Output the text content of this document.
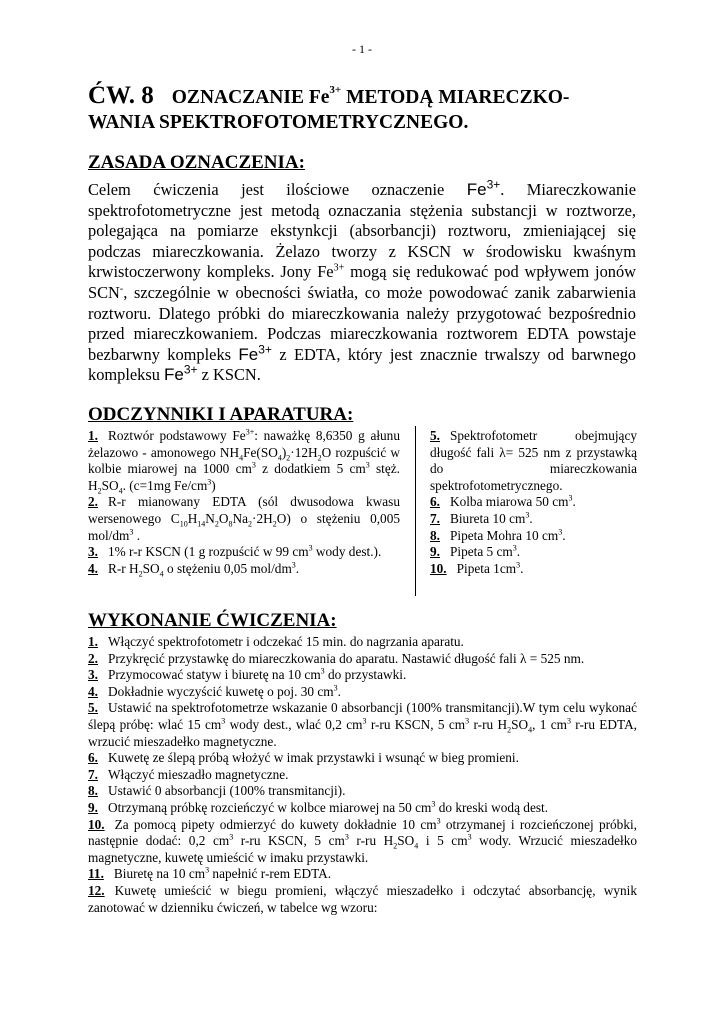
- 1 -
ĆW. 8 OZNACZANIE $Fe^{3+}$ METODĄ MIARECZKO-
WANIA SPEKTROFOTOMETRYCZNEGO.
ZASADA OZNACZENIA:
Celem ćwiczenia jest ilościowe oznaczenie $Fe^{3+}$. Miareczkowanie spektrofotometryczne jest metodą oznaczania stężenia substancji w roztworze, polegająca na pomiarze ekstynkcji (absorbancji) roztworu, zmieniającej się podczas miareczkowania. Żelazo tworzy z KSCN w środowisku kwaśnym krwistoczerwony kompleks. Jony $Fe^{3+}$ mogą się redukować pod wpływem jonów SCN-, szczególnie w obecności światła, co może powodować zanik zabarwienia roztworu. Dlatego próbki do miareczkowania należy przygotować bezpośrednio przed miareczkowaniem. Podczas miareczkowania roztworem EDTA powstaje bezbarwny kompleks $Fe^{3+}$ z EDTA, który jest znacznie trwalszy od barwnego kompleksu $Fe^{3+}$ z KSCN.
ODCZYNNIKI I APARATURA:
1. Roztwór podstawowy $Fe^{3+}$: naważkę 8,6350 g ałunu żelazowo - amonowego $NH_4Fe(SO_4)_2\cdot 12H_2O$ rozpuścić w kolbie miarowej na 1000 $cm^3$ z dodatkiem 5 $cm^3$ stęż. $H_2SO_4$. (c=1mg $Fe/cm^3$)
2. R-r mianowany EDTA (sól dwusodowa kwasu wersenowego $C_{10}H_{14}N_2O_8Na_2\cdot 2H_2O$) o stężeniu 0,005 mol/$dm^3$ .
3. 1% r-r KSCN (1 g rozpuścić w 99 $cm^3$ wody dest.).
4. R-r $H_2SO_4$ o stężeniu 0,05 mol/$dm^3$.
5. Spektrofotometr obejmujący długość fali λ= 525 nm z przystawką do miareczkowania spektrofotometrycznego.
6. Kolba miarowa 50 $cm^3$.
7. Biureta 10 $cm^3$.
8. Pipeta Mohra 10 $cm^3$.
9. Pipeta 5 $cm^3$.
10. Pipeta $1cm^3$.
WYKONANIE ĆWICZENIA:
1. Włączyć spektrofotometr i odczekać 15 min. do nagrzania aparatu.
2. Przykręcić przystawkę do miareczkowania do aparatu. Nastawić długość fali λ = 525 nm.
3. Przymocować statyw i biuretę na 10 $cm^3$ do przystawki.
4. Dokładnie wyczyścić kuwetę o poj. 30 $cm^3$.
5. Ustawić na spektrofotometrze wskazanie 0 absorbancji (100% transmitancji).W tym celu wykonać ślepą próbę: wlać 15 $cm^3$ wody dest., wlać 0,2 $cm^3$ r-ru KSCN, 5 $cm^3$ r-ru $H_2SO_4$, 1 $cm^3$ r-ru EDTA, wrzucić mieszadełko magnetyczne.
6. Kuwetę ze ślepą próbą włożyć w imak przystawki i wsunąć w bieg promieni.
7. Włączyć mieszadło magnetyczne.
8. Ustawić 0 absorbancji (100% transmitancji).
9. Otrzymaną próbkę rozcieńczyć w kolbce miarowej na 50 $cm^3$ do kreski wodą dest.
10. Za pomocą pipety odmierzyć do kuwety dokładnie 10 $cm^3$ otrzymanej i rozcieńczonej próbki, następnie dodać: 0,2 $cm^3$ r-ru KSCN, 5 $cm^3$ r-ru $H_2SO_4$ i 5 $cm^3$ wody. Wrzucić mieszadełko magnetyczne, kuwetę umieścić w imaku przystawki.
11. Biuretę na 10 $cm^3$ napełnić r-rem EDTA.
12. Kuwetę umieścić w biegu promieni, włączyć mieszadełko i odczytać absorbancję, wynik zanotować w dzienniku ćwiczeń, w tabelce wg wzoru:
